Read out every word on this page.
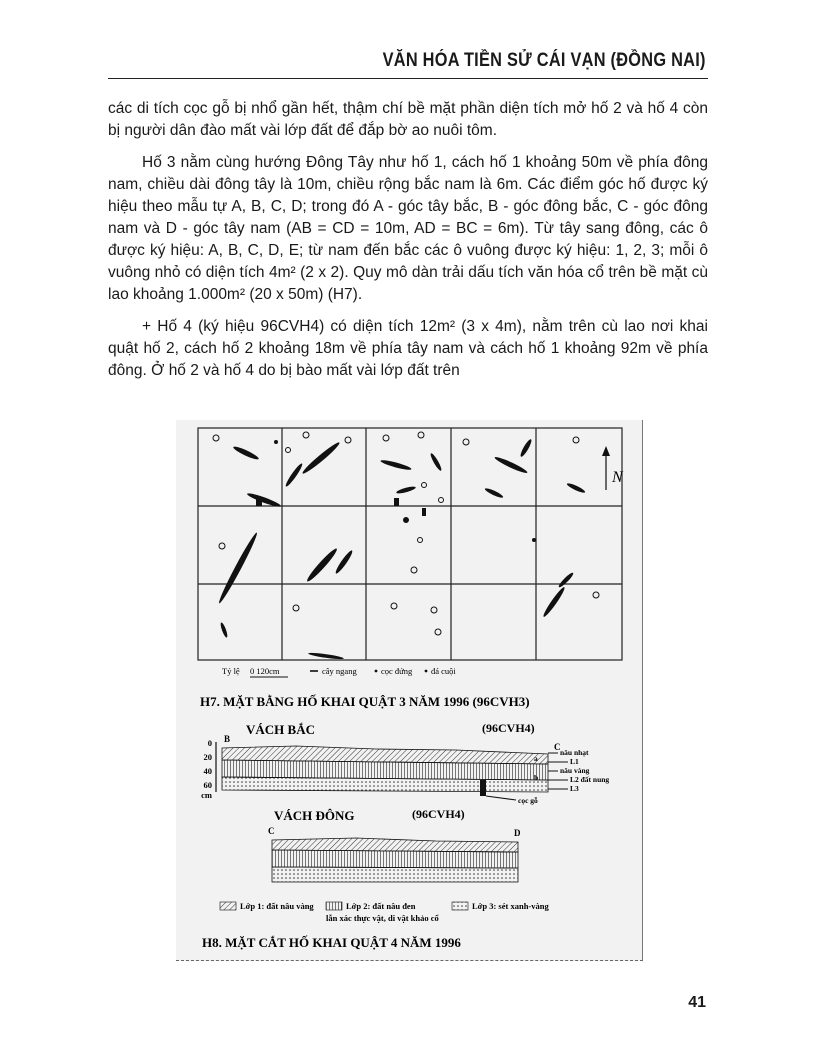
VĂN HÓA TIỀN SỬ CÁI VẠN (ĐỒNG NAI)

các di tích cọc gỗ bị nhổ gần hết, thậm chí bề mặt phần diện tích mở hố 2 và hố 4 còn bị người dân đào mất vài lớp đất để đắp bờ ao nuôi tôm.

Hố 3 nằm cùng hướng Đông Tây như hố 1, cách hố 1 khoảng 50m về phía đông nam, chiều dài đông tây là 10m, chiều rộng bắc nam là 6m. Các điểm góc hố được ký hiệu theo mẫu tự A, B, C, D; trong đó A - góc tây bắc, B - góc đông bắc, C - góc đông nam và D - góc tây nam (AB = CD = 10m, AD = BC = 6m). Từ tây sang đông, các ô được ký hiệu: A, B, C, D, E; từ nam đến bắc các ô vuông được ký hiệu: 1, 2, 3; mỗi ô vuông nhỏ có diện tích 4m² (2 x 2). Quy mô dàn trải dấu tích văn hóa cổ trên bề mặt cù lao khoảng 1.000m² (20 x 50m) (H7).

+ Hố 4 (ký hiệu 96CVH4) có diện tích 12m² (3 x 4m), nằm trên cù lao nơi khai quật hố 2, cách hố 2 khoảng 18m về phía tây nam và cách hố 1 khoảng 92m về phía đông. Ở hố 2 và hố 4 do bị bào mất vài lớp đất trên

N
Tỷ lệ 0 120cm	cây ngang	cọc đứng đá cuội
H7. MẶT BẰNG HỐ KHAI QUẬT 3 NĂM 1996 (96CVH3)
VÁCH BẮC	(96CVH4)
0
20
40
60
cm
B
C
a
b
nâu nhạt
L1
nâu vàng
L2 đất nung
L3
cọc gỗ
VÁCH ĐÔNG	(96CVH4)
C	D
Lớp 1: đất nâu vàng	Lớp 2: đất nâu đen
lẫn xác thực vật, di vật khảo cổ
Lớp 3: sét xanh-vàng
H8. MẶT CẮT HỐ KHAI QUẬT 4 NĂM 1996
41
